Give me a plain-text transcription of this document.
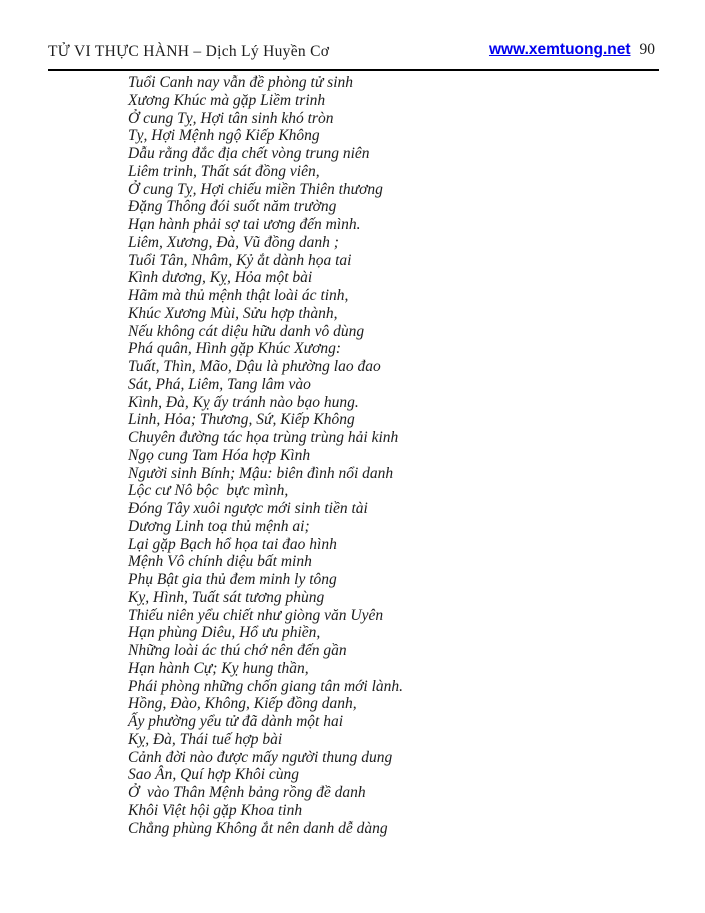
TỬ VI THỰC HÀNH – Dịch Lý Huyền Cơ	www.xemtuong.net 90

Tuổi Canh nay vẫn đề phòng tử sinh

Xương Khúc mà gặp Liềm trinh

Ở cung Tỵ, Hợi tân sinh khó tròn

Tỵ, Hợi Mệnh ngộ Kiếp Không

Dẫu rằng đắc địa chết vòng trung niên

Liêm trinh, Thất sát đồng viên,

Ở cung Tỵ, Hợi chiếu miền Thiên thương

Đặng Thông đói suốt năm trường

Hạn hành phải sợ tai ương đến mình.

Liêm, Xương, Đà, Vũ đồng danh ;

Tuổi Tân, Nhâm, Kỷ ắt dành họa tai

Kình dương, Kỵ, Hỏa một bài

Hãm mà thủ mệnh thật loài ác tinh,

Khúc Xương Mùi, Sửu hợp thành,

Nếu không cát diệu hữu danh vô dùng

Phá quân, Hình gặp Khúc Xương:

Tuất, Thìn, Mão, Dậu là phường lao đao

Sát, Phá, Liêm, Tang lâm vào

Kình, Đà, Kỵ ấy tránh nào bạo hung.

Linh, Hỏa; Thương, Sứ, Kiếp Không

Chuyên đường tác họa trùng trùng hải kinh

Ngọ cung Tam Hóa hợp Kình

Người sinh Bính; Mậu: biên đình nổi danh

Lộc cư Nô bộc  bực mình,

Đóng Tây xuôi ngược mới sinh tiền tài

Dương Linh toạ thủ mệnh ai;

Lại gặp Bạch hổ họa tai đao hình

Mệnh Vô chính diệu bất minh

Phụ Bật gia thủ đem minh ly tông

Kỵ, Hình, Tuất sát tương phùng

Thiếu niên yểu chiết như giòng văn Uyên

Hạn phùng Diêu, Hổ ưu phiền,

Những loài ác thú chớ nên đến gần

Hạn hành Cự; Kỵ hung thần,

Phái phòng những chốn giang tân mới lành.

Hồng, Đào, Không, Kiếp đồng danh,

Ấy phường yểu tử đã dành một hai

Kỵ, Đà, Thái tuế hợp bài

Cảnh đời nào được mấy người thung dung

Sao Ân, Quí hợp Khôi cùng

Ở  vào Thân Mệnh bảng rồng đề danh

Khôi Việt hội gặp Khoa tinh

Chẳng phùng Không ắt nên danh dễ dàng
